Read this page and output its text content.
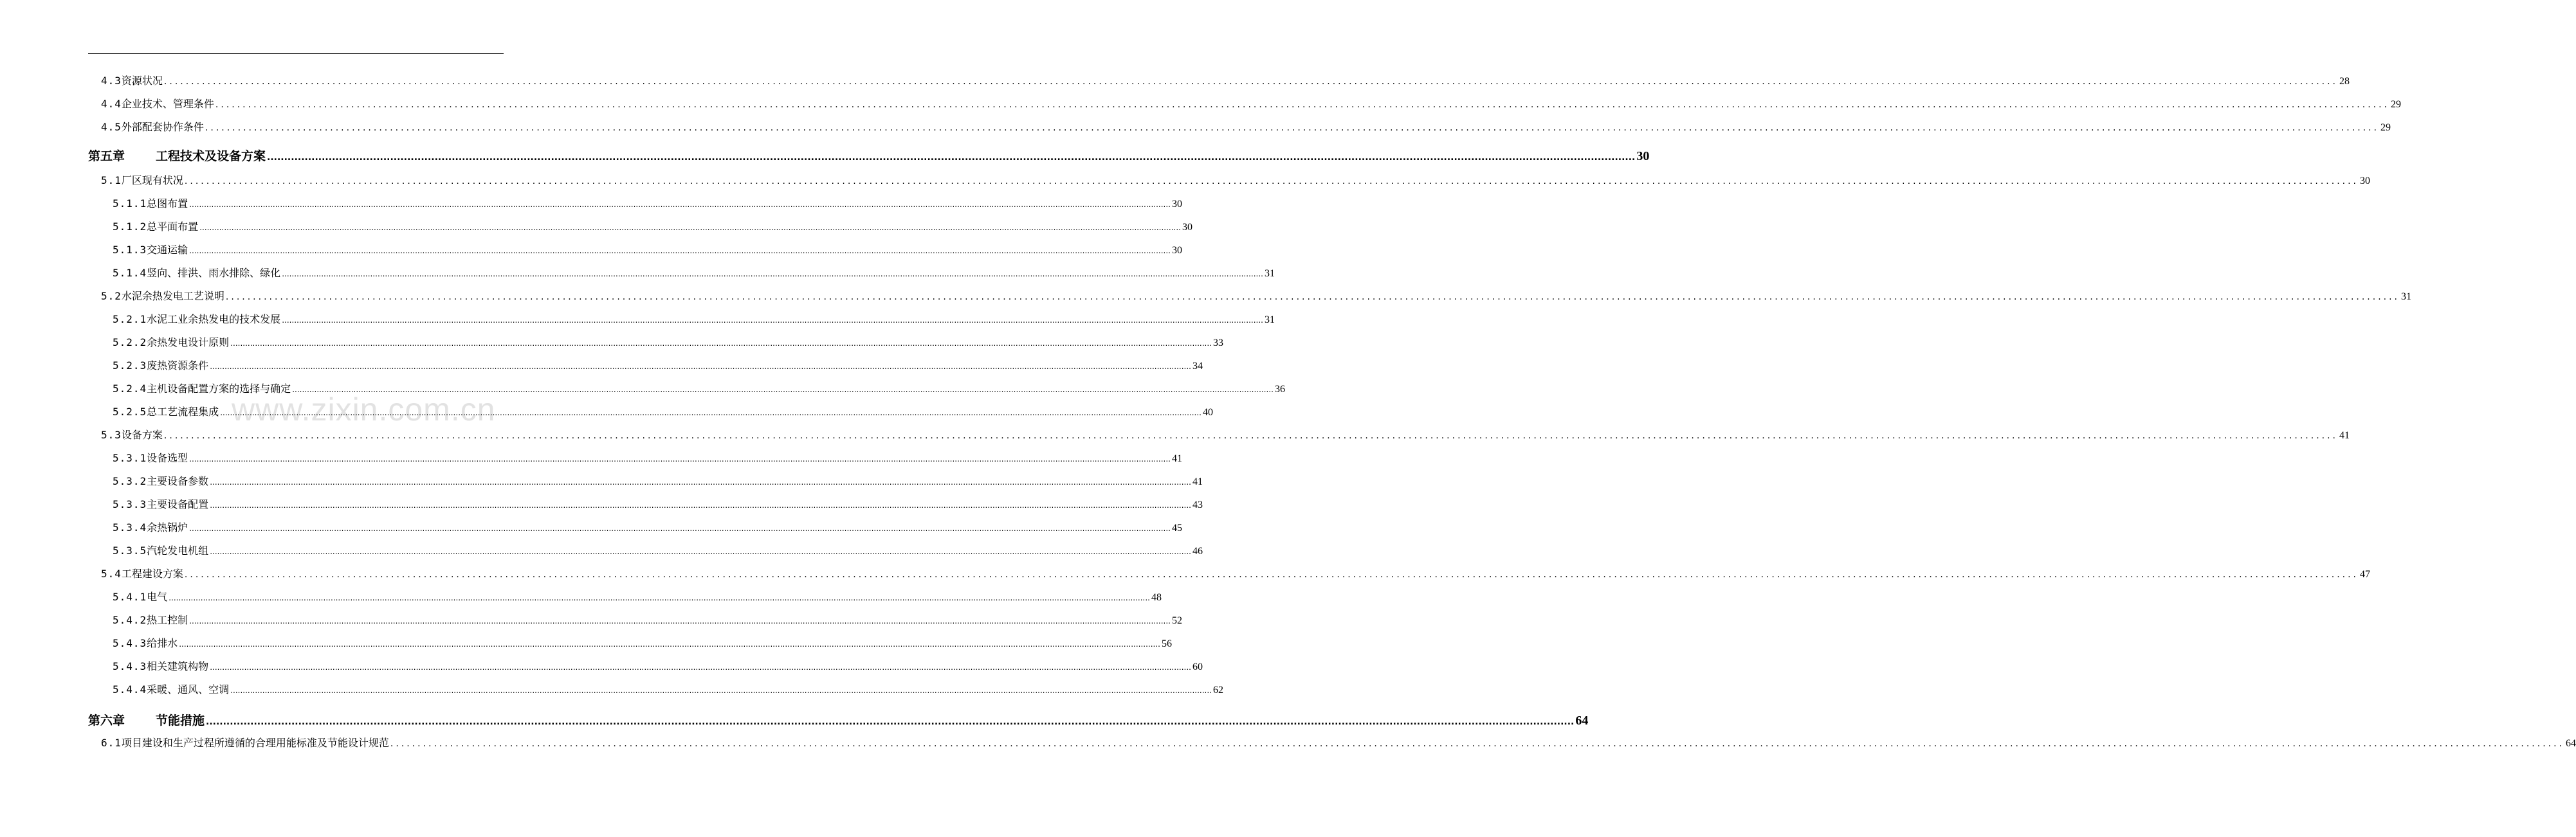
www.zixin.com.cn
4.3资源状况 ................................................................................................................................................................................................................................................................................................................................................................................................................ 28
4.4企业技术、管理条件 ................................................................................................................................................................................................................................................................................................................................................................................................................ 29
4.5外部配套协作条件 ................................................................................................................................................................................................................................................................................................................................................................................................................ 29
第五章	工程技术及设备方案 ................................................................................................................................................................................................................................................................................................................................................................................................................ 30
5.1厂区现有状况 ................................................................................................................................................................................................................................................................................................................................................................................................................ 30
5.1.1总图布置 ................................................................................................................................................................................................................................................................................................................................................................................................................ 30
5.1.2总平面布置 ................................................................................................................................................................................................................................................................................................................................................................................................................ 30
5.1.3交通运输 ................................................................................................................................................................................................................................................................................................................................................................................................................ 30
5.1.4竖向、排洪、雨水排除、绿化 ................................................................................................................................................................................................................................................................................................................................................................................................................ 31
5.2水泥余热发电工艺说明 ................................................................................................................................................................................................................................................................................................................................................................................................................ 31
5.2.1水泥工业余热发电的技术发展 ................................................................................................................................................................................................................................................................................................................................................................................................................ 31
5.2.2余热发电设计原则 ................................................................................................................................................................................................................................................................................................................................................................................................................ 33
5.2.3废热资源条件 ................................................................................................................................................................................................................................................................................................................................................................................................................ 34
5.2.4主机设备配置方案的选择与确定 ................................................................................................................................................................................................................................................................................................................................................................................................................ 36
5.2.5总工艺流程集成 ................................................................................................................................................................................................................................................................................................................................................................................................................ 40
5.3设备方案 ................................................................................................................................................................................................................................................................................................................................................................................................................ 41
5.3.1设备选型 ................................................................................................................................................................................................................................................................................................................................................................................................................ 41
5.3.2主要设备参数 ................................................................................................................................................................................................................................................................................................................................................................................................................ 41
5.3.3主要设备配置 ................................................................................................................................................................................................................................................................................................................................................................................................................ 43
5.3.4余热锅炉 ................................................................................................................................................................................................................................................................................................................................................................................................................ 45
5.3.5汽轮发电机组 ................................................................................................................................................................................................................................................................................................................................................................................................................ 46
5.4工程建设方案 ................................................................................................................................................................................................................................................................................................................................................................................................................ 47
5.4.1电气 ................................................................................................................................................................................................................................................................................................................................................................................................................ 48
5.4.2热工控制 ................................................................................................................................................................................................................................................................................................................................................................................................................ 52
5.4.3给排水 ................................................................................................................................................................................................................................................................................................................................................................................................................ 56
5.4.3相关建筑构物 ................................................................................................................................................................................................................................................................................................................................................................................................................ 60
5.4.4采暖、通风、空调 ................................................................................................................................................................................................................................................................................................................................................................................................................ 62
第六章	节能措施 ................................................................................................................................................................................................................................................................................................................................................................................................................ 64
6.1项目建设和生产过程所遵循的合理用能标准及节能设计规范 ................................................................................................................................................................................................................................................................................................................................................................................................................ 64
